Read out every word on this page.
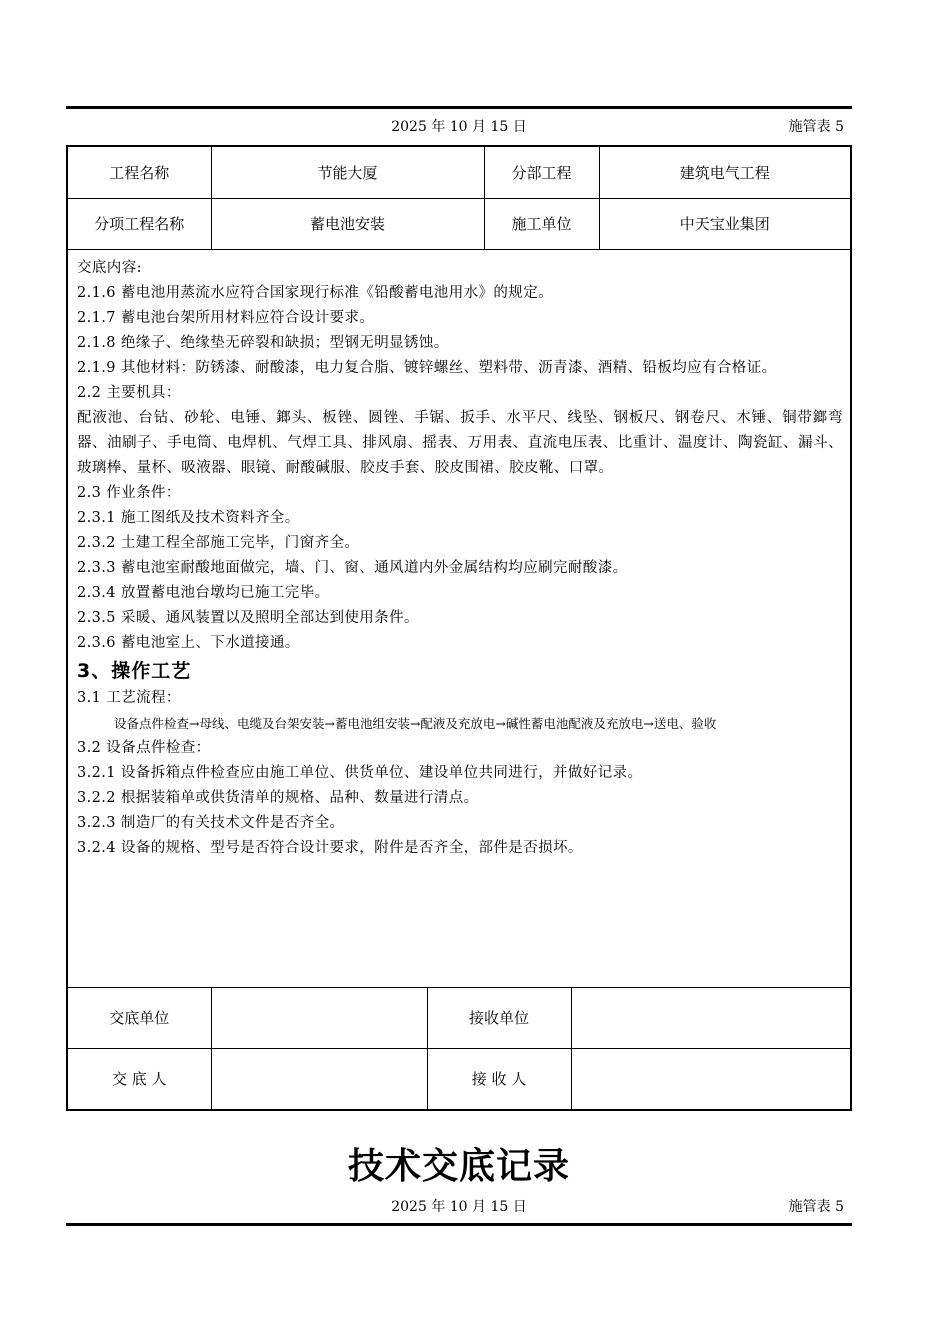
2025 年 10 月 15 日	施管表 5
工程名称	节能大厦	分部工程	建筑电气工程
分项工程名称	蓄电池安装	施工单位	中天宝业集团

交底内容:

2.1.6 蓄电池用蒸流水应符合国家现行标准《铅酸蓄电池用水》的规定。

2.1.7 蓄电池台架所用材料应符合设计要求。

2.1.8 绝缘子、绝缘垫无碎裂和缺损；型钢无明显锈蚀。

2.1.9 其他材料：防锈漆、耐酸漆，电力复合脂、镀锌螺丝、塑料带、沥青漆、酒精、铅板均应有合格证。

2.2 主要机具：

配液池、台钻、砂轮、电锤、鎯头、板锉、圆锉、手锯、扳手、水平尺、线坠、钢板尺、钢卷尺、木锤、铜带鎯弯器、油刷子、手电筒、电焊机、气焊工具、排风扇、摇表、万用表、直流电压表、比重计、温度计、陶瓷缸、漏斗、玻璃棒、量杯、吸液器、眼镜、耐酸碱服、胶皮手套、胶皮围裙、胶皮靴、口罩。

2.3 作业条件：

2.3.1 施工图纸及技术资料齐全。

2.3.2 土建工程全部施工完毕，门窗齐全。

2.3.3 蓄电池室耐酸地面做完，墙、门、窗、通风道内外金属结构均应刷完耐酸漆。

2.3.4 放置蓄电池台墩均已施工完毕。

2.3.5 采暖、通风装置以及照明全部达到使用条件。

2.3.6 蓄电池室上、下水道接通。

3、操作工艺

3.1 工艺流程：

设备点件检查→母线、电缆及台架安装→蓄电池组安装→配液及充放电→碱性蓄电池配液及充放电→送电、验收

3.2 设备点件检查：

3.2.1 设备拆箱点件检查应由施工单位、供货单位、建设单位共同进行，并做好记录。

3.2.2 根据装箱单或供货清单的规格、品种、数量进行清点。

3.2.3 制造厂的有关技术文件是否齐全。

3.2.4 设备的规格、型号是否符合设计要求，附件是否齐全，部件是否损坏。

交底单位		接收单位	
交 底 人		接 收 人	
技术交底记录
2025 年 10 月 15 日	施管表 5
